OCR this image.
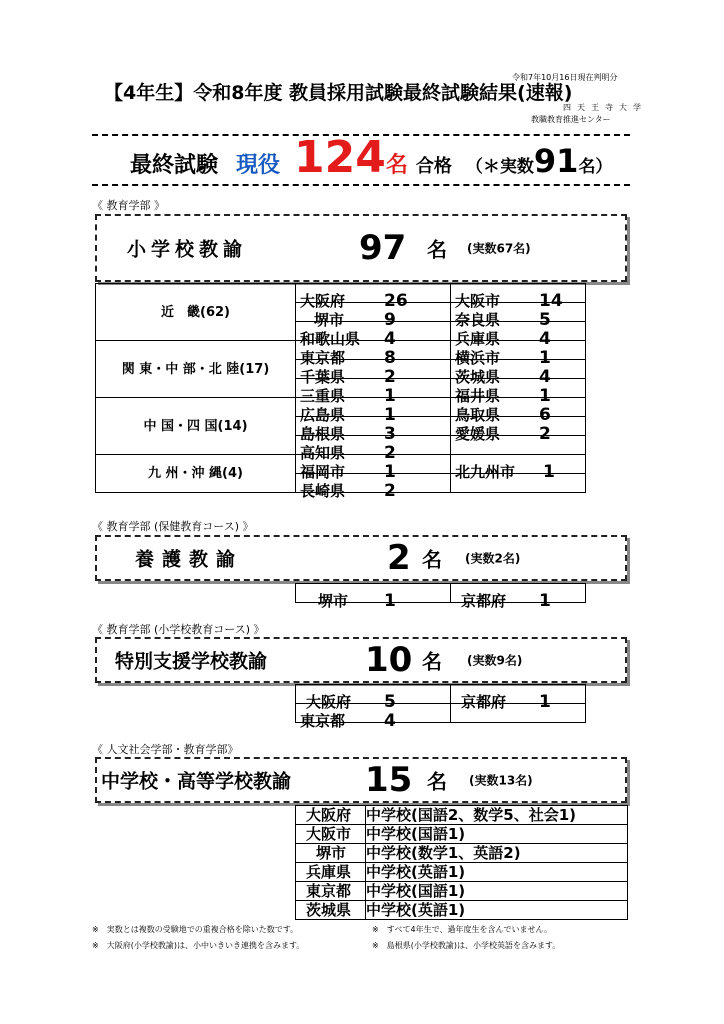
令和7年10月16日現在判明分
【4年生】令和8年度 教員採用試験最終試験結果(速報)
四天王寺大学
教職教育推進センター
最終試験 現役 124 名 合格 （＊実数 91 名）
《 教育学部 》
小学校教諭	97 名 (実数67名)
近　畿(62)	大阪府 26	大阪市 14

	堺市 9	奈良県 5

	和歌山県 4	兵庫県 4

関 東・中 部・北 陸(17)	東京都 8	横浜市 1

	千葉県 2	茨城県 4

	三重県 1	福井県 1

中 国・四 国(14)	広島県 1	鳥取県 6

	島根県 3	愛媛県 2

	高知県 2	

九 州・沖 縄(4)	福岡市 1	北九州市 1

	長崎県 2	

《 教育学部 (保健教育コース) 》
養護教諭	2 名 (実数2名)
堺市 1	京都府 1
《 教育学部 (小学校教育コース) 》
特別支援学校教諭	10 名 (実数9名)
大阪府 5	京都府 1

東京都 4	

《 人文社会学部・教育学部》
中学校・高等学校教諭 15 名 (実数13名)
大阪府	中学校(国語2、数学5、社会1)
大阪市	中学校(国語1)
堺市	中学校(数学1、英語2)
兵庫県	中学校(英語1)
東京都	中学校(国語1)
茨城県	中学校(英語1)
※　実数とは複数の受験地での重複合格を除いた数です。	※　すべて4年生で、過年度生を含んでいません。
※　大阪府(小学校教諭)は、小中いきいき連携を含みます。	※　島根県(小学校教諭)は、小学校英語を含みます。
